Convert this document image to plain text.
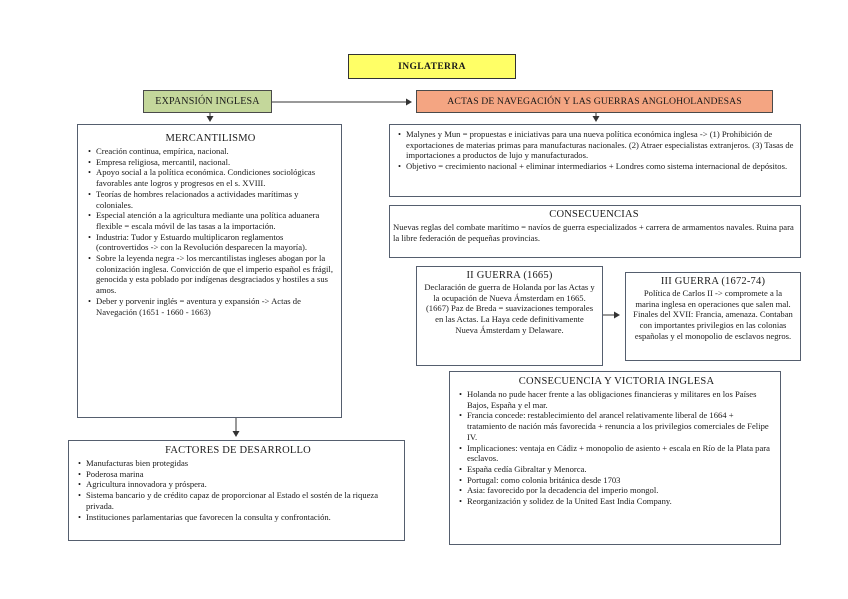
INGLATERRA
EXPANSIÓN INGLESA	ACTAS DE NAVEGACIÓN Y LAS GUERRAS ANGLOHOLANDESAS
MERCANTILISMO
• Creación continua, empírica, nacional.
• Empresa religiosa, mercantil, nacional.
• Apoyo social a la política económica. Condiciones sociológicas favorables ante logros y progresos en el s. XVIII.
• Teorías de hombres relacionados a actividades marítimas y coloniales.
• Especial atención a la agricultura mediante una política aduanera flexible = escala móvil de las tasas a la importación.
• Industria: Tudor y Estuardo multiplicaron reglamentos (controvertidos -> con la Revolución desparecen la mayoría).
• Sobre la leyenda negra -> los mercantilistas ingleses abogan por la colonización inglesa. Convicción de que el imperio español es frágil, genocida y esta poblado por indígenas desgraciados y hostiles a sus amos.
• Deber y porvenir inglés = aventura y expansión -> Actas de Navegación (1651 - 1660 - 1663)
• Malynes y Mun = propuestas e iniciativas para una nueva política económica inglesa -> (1) Prohibición de exportaciones de materias primas para manufacturas nacionales. (2) Atraer especialistas extranjeros. (3) Tasas de importaciones a productos de lujo y manufacturados.
• Objetivo = crecimiento nacional + eliminar intermediarios + Londres como sistema internacional de depósitos.
CONSECUENCIAS
Nuevas reglas del combate marítimo = navíos de guerra especializados + carrera de armamentos navales. Ruina para la libre federación de pequeñas provincias.
II GUERRA (1665)
Declaración de guerra de Holanda por las Actas y la ocupación de Nueva Ámsterdam en 1665. (1667) Paz de Breda = suavizaciones temporales en las Actas. La Haya cede definitivamente Nueva Ámsterdam y Delaware.
III GUERRA (1672-74)
Política de Carlos II -> compromete a la marina inglesa en operaciones que salen mal. Finales del XVII: Francia, amenaza. Contaban con importantes privilegios en las colonias españolas y el monopolio de esclavos negros.
CONSECUENCIA Y VICTORIA INGLESA
• Holanda no pude hacer frente a las obligaciones financieras y militares en los Países Bajos, España y el mar.
• Francia concede: restablecimiento del arancel relativamente liberal de 1664 + tratamiento de nación más favorecida + renuncia a los privilegios comerciales de Felipe IV.
• Implicaciones: ventaja en Cádiz + monopolio de asiento + escala en Río de la Plata para esclavos.
• España cedía Gibraltar y Menorca.
• Portugal: como colonia británica desde 1703
• Asia: favorecido por la decadencia del imperio mongol.
• Reorganización y solidez de la United East India Company.
FACTORES DE DESARROLLO
• Manufacturas bien protegidas
• Poderosa marina
• Agricultura innovadora y próspera.
• Sistema bancario y de crédito capaz de proporcionar al Estado el sostén de la riqueza privada.
• Instituciones parlamentarias que favorecen la consulta y confrontación.
